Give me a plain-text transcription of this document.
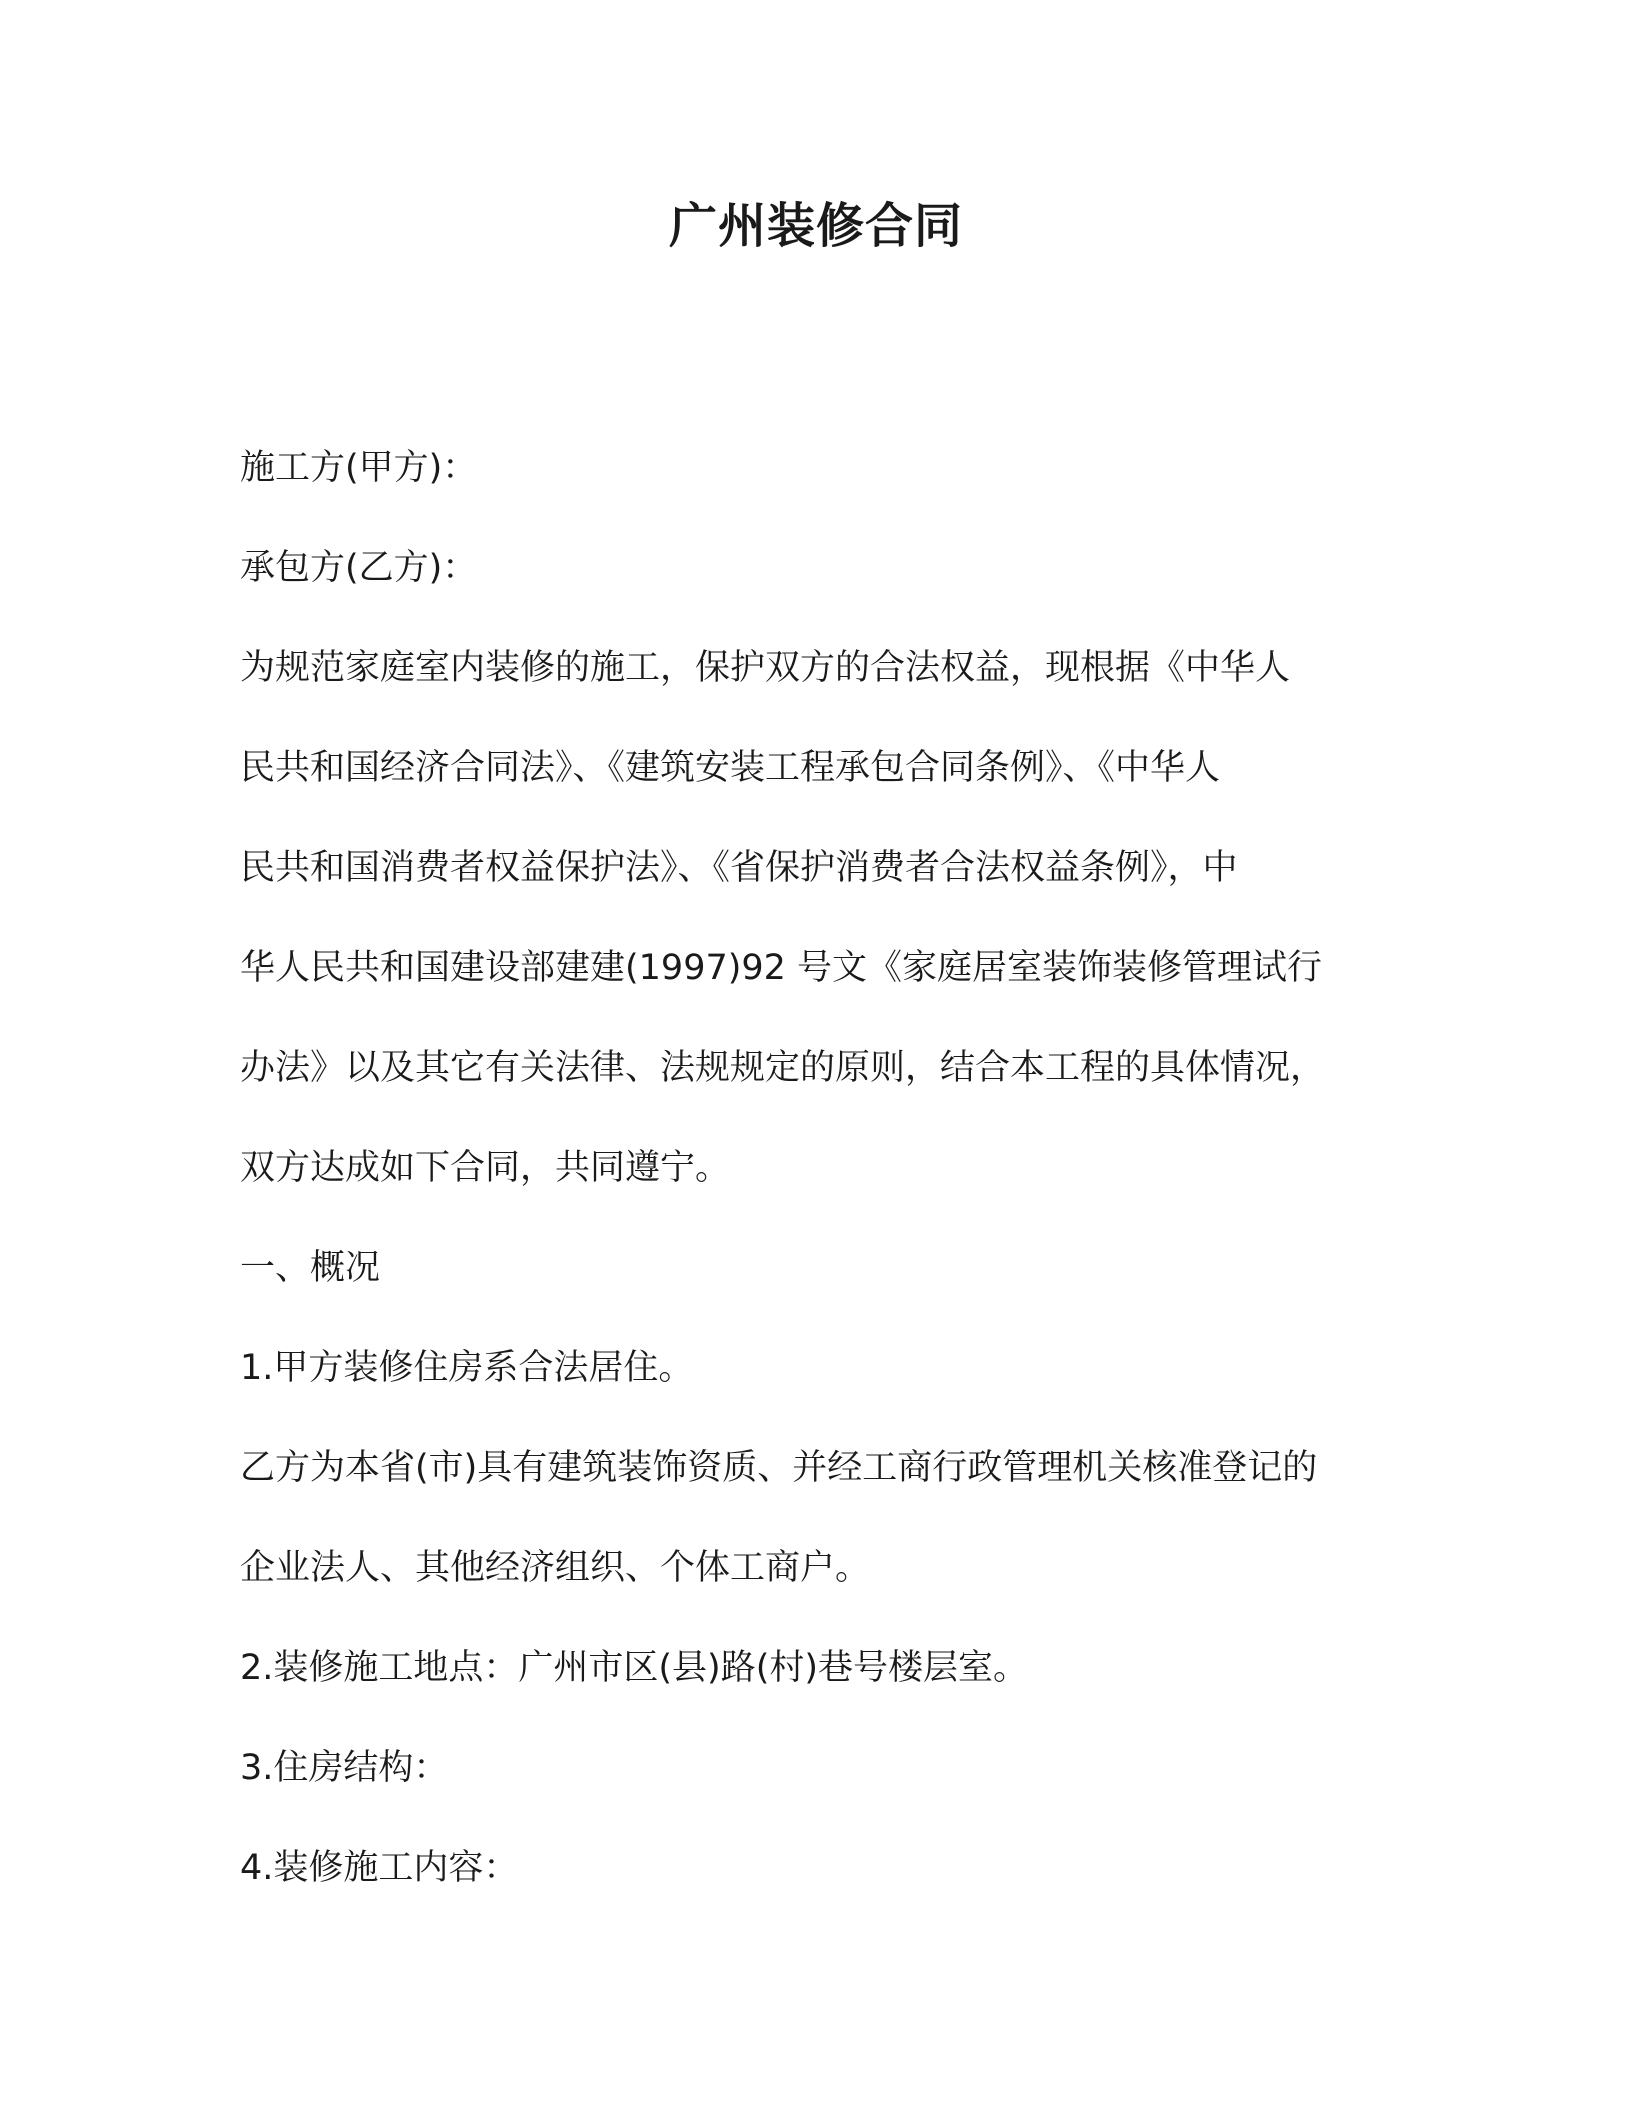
广州装修合同
施工方(甲方)：
承包方(乙方)：
为规范家庭室内装修的施工，保护双方的合法权益，现根据《中华人
民共和国经济合同法》、《建筑安装工程承包合同条例》、《中华人
民共和国消费者权益保护法》、《省保护消费者合法权益条例》，中
华人民共和国建设部建建(1997)92 号文《家庭居室装饰装修管理试行
办法》以及其它有关法律、法规规定的原则，结合本工程的具体情况，
双方达成如下合同，共同遵宁。
一、概况
1.甲方装修住房系合法居住。
乙方为本省(市)具有建筑装饰资质、并经工商行政管理机关核准登记的
企业法人、其他经济组织、个体工商户。
2.装修施工地点：广州市区(县)路(村)巷号楼层室。
3.住房结构：
4.装修施工内容：
